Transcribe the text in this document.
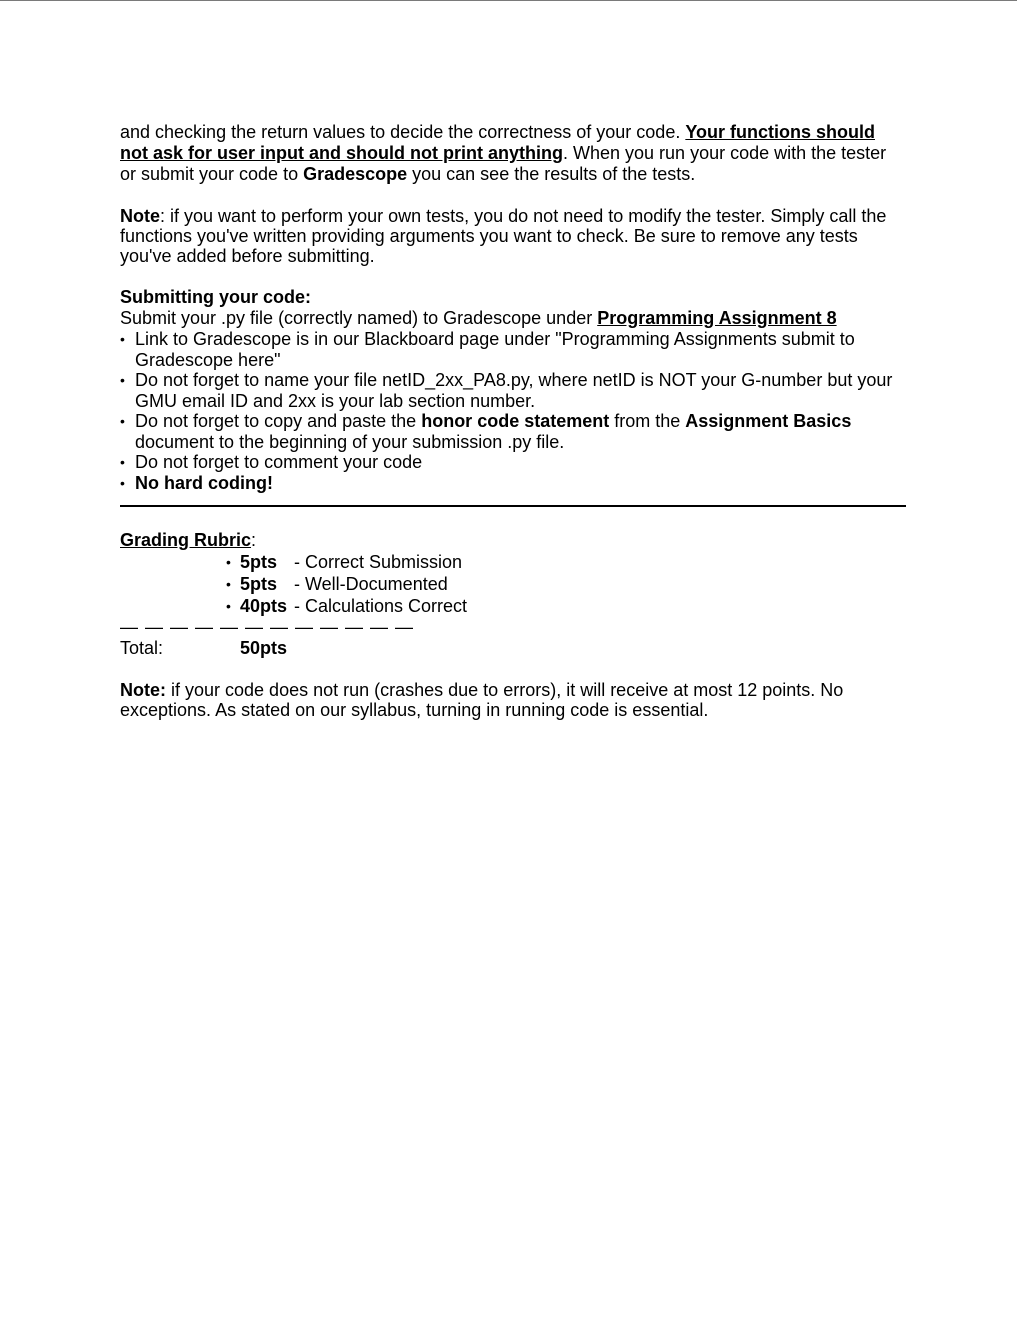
and checking the return values to decide the correctness of your code. Your functions should not ask for user input and should not print anything. When you run your code with the tester or submit your code to Gradescope you can see the results of the tests.

Note: if you want to perform your own tests, you do not need to modify the tester. Simply call the functions you've written providing arguments you want to check. Be sure to remove any tests you've added before submitting.

Submitting your code:

Submit your .py file (correctly named) to Gradescope under Programming Assignment 8

• Link to Gradescope is in our Blackboard page under "Programming Assignments submit to Gradescope here"
• Do not forget to name your file netID_2xx_PA8.py, where netID is NOT your G-number but your GMU email ID and 2xx is your lab section number.
• Do not forget to copy and paste the honor code statement from the Assignment Basics document to the beginning of your submission .py file.
• Do not forget to comment your code
• No hard coding!

Grading Rubric:

• 5pts - Correct Submission
• 5pts - Well-Documented
• 40pts - Calculations Correct

— — — — — — — — — — — —

Total:	50pts

Note: if your code does not run (crashes due to errors), it will receive at most 12 points. No exceptions. As stated on our syllabus, turning in running code is essential.
